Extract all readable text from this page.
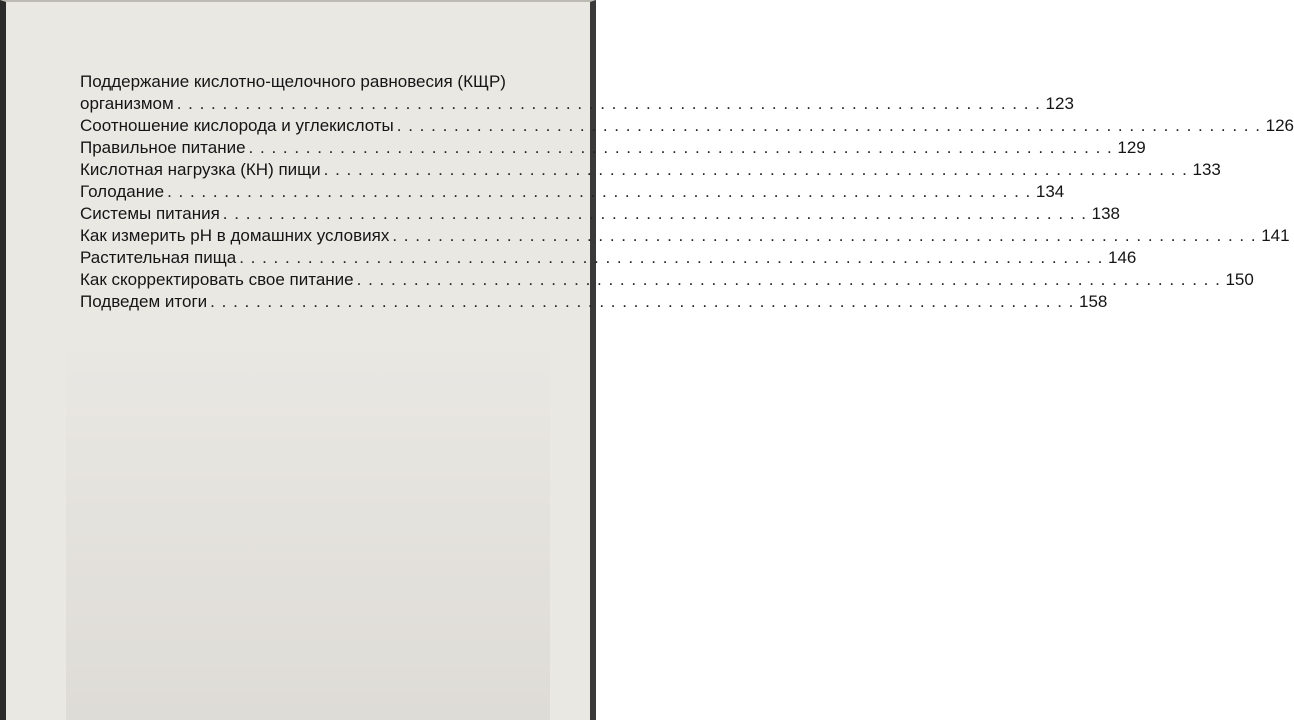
Поддержание кислотно-щелочного равновесия (КЩР)
организмом . . . . . . . . . . . . . . . . . . . . . . . . . . . . . . . . . . . . . . . . . . . . . . . . . . . . . . . . . . . . . . . . . . . . . . . . . . . . 123
Соотношение кислорода и углекислоты . . . . . . . . . . . . . . . . . . . . . . . . . . . . . . . . . . . . . . . . . . . . . . . . . . . . . . . . . . . . . . . . . . . . . . . . . . . . 126
Правильное питание . . . . . . . . . . . . . . . . . . . . . . . . . . . . . . . . . . . . . . . . . . . . . . . . . . . . . . . . . . . . . . . . . . . . . . . . . . . . 129
Кислотная нагрузка (КН) пищи . . . . . . . . . . . . . . . . . . . . . . . . . . . . . . . . . . . . . . . . . . . . . . . . . . . . . . . . . . . . . . . . . . . . . . . . . . . . 133
Голодание . . . . . . . . . . . . . . . . . . . . . . . . . . . . . . . . . . . . . . . . . . . . . . . . . . . . . . . . . . . . . . . . . . . . . . . . . . . . 134
Системы питания . . . . . . . . . . . . . . . . . . . . . . . . . . . . . . . . . . . . . . . . . . . . . . . . . . . . . . . . . . . . . . . . . . . . . . . . . . . . 138
Как измерить pH в домашних условиях . . . . . . . . . . . . . . . . . . . . . . . . . . . . . . . . . . . . . . . . . . . . . . . . . . . . . . . . . . . . . . . . . . . . . . . . . . . . 141
Растительная пища . . . . . . . . . . . . . . . . . . . . . . . . . . . . . . . . . . . . . . . . . . . . . . . . . . . . . . . . . . . . . . . . . . . . . . . . . . . . 146
Как скорректировать свое питание . . . . . . . . . . . . . . . . . . . . . . . . . . . . . . . . . . . . . . . . . . . . . . . . . . . . . . . . . . . . . . . . . . . . . . . . . . . . 150
Подведем итоги . . . . . . . . . . . . . . . . . . . . . . . . . . . . . . . . . . . . . . . . . . . . . . . . . . . . . . . . . . . . . . . . . . . . . . . . . . . . 158
